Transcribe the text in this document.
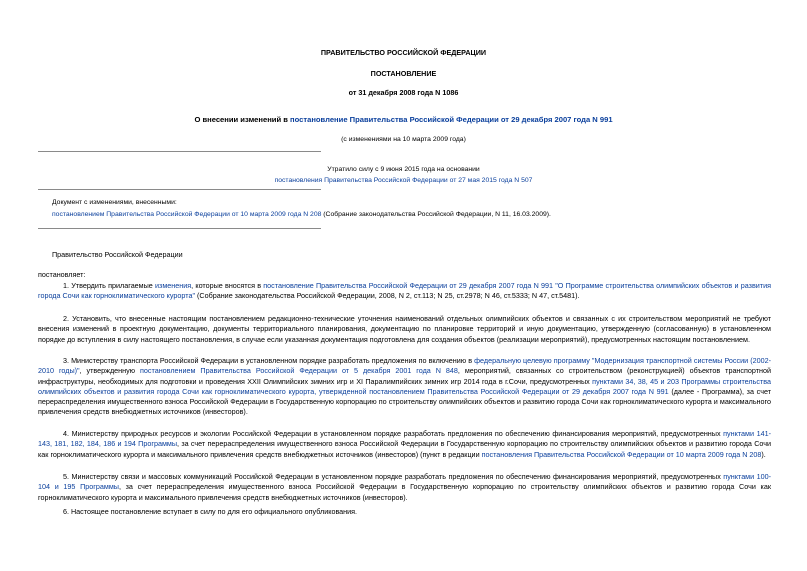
ПРАВИТЕЛЬСТВО РОССИЙСКОЙ ФЕДЕРАЦИИ
ПОСТАНОВЛЕНИЕ
от 31 декабря 2008 года N 1086
О внесении изменений в постановление Правительства Российской Федерации от 29 декабря 2007 года N 991
(с изменениями на 10 марта 2009 года)
Утратило силу с 9 июня 2015 года на основании
постановления Правительства Российской Федерации от 27 мая 2015 года N 507
Документ с изменениями, внесенными:
постановлением Правительства Российской Федерации от 10 марта 2009 года N 208 (Собрание законодательства Российской Федерации, N 11, 16.03.2009).
Правительство Российской Федерации
постановляет:
1. Утвердить прилагаемые изменения, которые вносятся в постановление Правительства Российской Федерации от 29 декабря 2007 года N 991 "О Программе строительства олимпийских объектов и развития города Сочи как горноклиматического курорта" (Собрание законодательства Российской Федерации, 2008, N 2, ст.113; N 25, ст.2978; N 46, ст.5333; N 47, ст.5481).
2. Установить, что внесенные настоящим постановлением редакционно-технические уточнения наименований отдельных олимпийских объектов и связанных с их строительством мероприятий не требуют внесения изменений в проектную документацию, документы территориального планирования, документацию по планировке территорий и иную документацию, утвержденную (согласованную) в установленном порядке до вступления в силу настоящего постановления, в случае если указанная документация подготовлена для создания объектов (реализации мероприятий), предусмотренных настоящим постановлением.
3. Министерству транспорта Российской Федерации в установленном порядке разработать предложения по включению в федеральную целевую программу "Модернизация транспортной системы России (2002-2010 годы)", утвержденную постановлением Правительства Российской Федерации от 5 декабря 2001 года N 848, мероприятий, связанных со строительством (реконструкцией) объектов транспортной инфраструктуры, необходимых для подготовки и проведения XXII Олимпийских зимних игр и XI Паралимпийских зимних игр 2014 года в г.Сочи, предусмотренных пунктами 34, 38, 45 и 203 Программы строительства олимпийских объектов и развития города Сочи как горноклиматического курорта, утвержденной постановлением Правительства Российской Федерации от 29 декабря 2007 года N 991 (далее - Программа), за счет перераспределения имущественного взноса Российской Федерации в Государственную корпорацию по строительству олимпийских объектов и развитию города Сочи как горноклиматического курорта и максимального привлечения средств внебюджетных источников (инвесторов).
4. Министерству природных ресурсов и экологии Российской Федерации в установленном порядке разработать предложения по обеспечению финансирования мероприятий, предусмотренных пунктами 141-143, 181, 182, 184, 186 и 194 Программы, за счет перераспределения имущественного взноса Российской Федерации в Государственную корпорацию по строительству олимпийских объектов и развитию города Сочи как горноклиматического курорта и максимального привлечения средств внебюджетных источников (инвесторов) (пункт в редакции постановления Правительства Российской Федерации от 10 марта 2009 года N 208).
5. Министерству связи и массовых коммуникаций Российской Федерации в установленном порядке разработать предложения по обеспечению финансирования мероприятий, предусмотренных пунктами 100-104 и 195 Программы, за счет перераспределения имущественного взноса Российской Федерации в Государственную корпорацию по строительству олимпийских объектов и развитию города Сочи как горноклиматического курорта и максимального привлечения средств внебюджетных источников (инвесторов).
6. Настоящее постановление вступает в силу по для его официального опубликования.
